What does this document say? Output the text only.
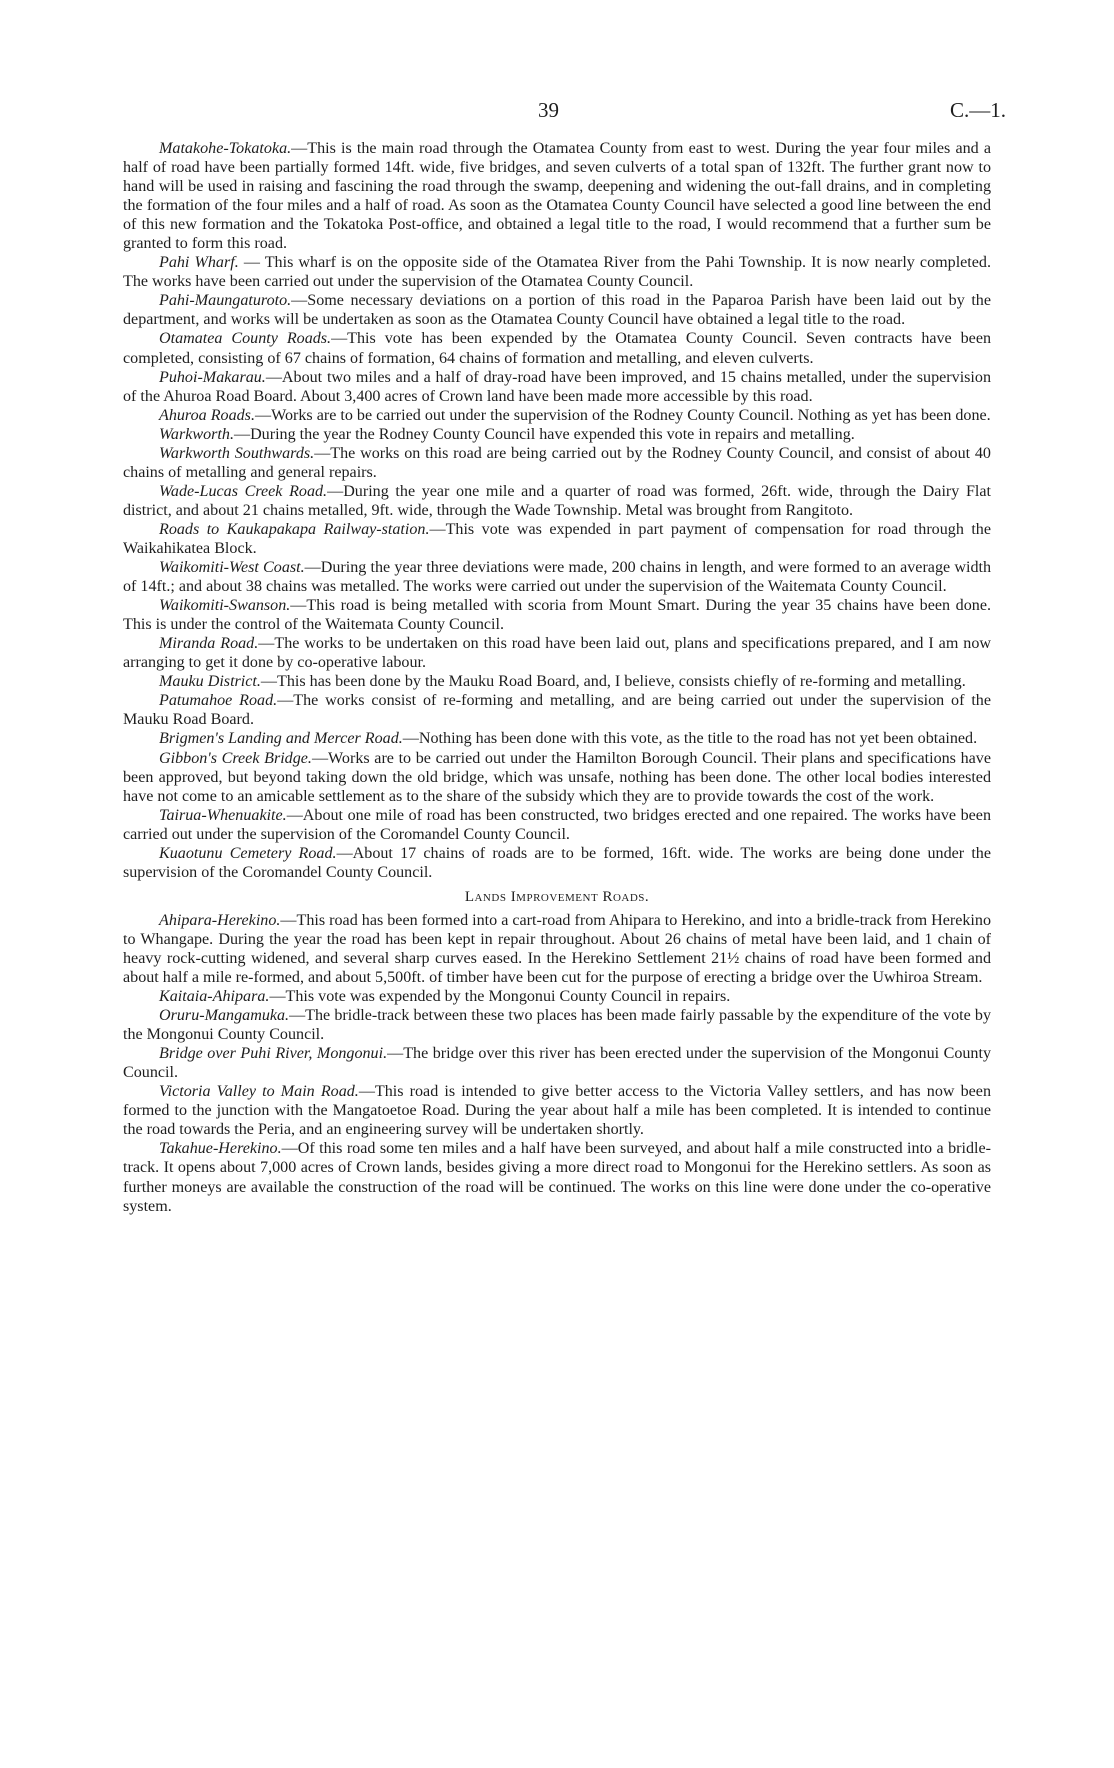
39	C.—1.

Matakohe-Tokatoka.—This is the main road through the Otamatea County from east to west. During the year four miles and a half of road have been partially formed 14ft. wide, five bridges, and seven culverts of a total span of 132ft. The further grant now to hand will be used in raising and fascining the road through the swamp, deepening and widening the out-fall drains, and in completing the formation of the four miles and a half of road. As soon as the Otamatea County Council have selected a good line between the end of this new formation and the Tokatoka Post-office, and obtained a legal title to the road, I would recommend that a further sum be granted to form this road.

Pahi Wharf. — This wharf is on the opposite side of the Otamatea River from the Pahi Township. It is now nearly completed. The works have been carried out under the supervision of the Otamatea County Council.

Pahi-Maungaturoto.—Some necessary deviations on a portion of this road in the Paparoa Parish have been laid out by the department, and works will be undertaken as soon as the Otamatea County Council have obtained a legal title to the road.

Otamatea County Roads.—This vote has been expended by the Otamatea County Council. Seven contracts have been completed, consisting of 67 chains of formation, 64 chains of formation and metalling, and eleven culverts.

Puhoi-Makarau.—About two miles and a half of dray-road have been improved, and 15 chains metalled, under the supervision of the Ahuroa Road Board. About 3,400 acres of Crown land have been made more accessible by this road.

Ahuroa Roads.—Works are to be carried out under the supervision of the Rodney County Council. Nothing as yet has been done.

Warkworth.—During the year the Rodney County Council have expended this vote in repairs and metalling.

Warkworth Southwards.—The works on this road are being carried out by the Rodney County Council, and consist of about 40 chains of metalling and general repairs.

Wade-Lucas Creek Road.—During the year one mile and a quarter of road was formed, 26ft. wide, through the Dairy Flat district, and about 21 chains metalled, 9ft. wide, through the Wade Township. Metal was brought from Rangitoto.

Roads to Kaukapakapa Railway-station.—This vote was expended in part payment of compensation for road through the Waikahikatea Block.

Waikomiti-West Coast.—During the year three deviations were made, 200 chains in length, and were formed to an average width of 14ft.; and about 38 chains was metalled. The works were carried out under the supervision of the Waitemata County Council.

Waikomiti-Swanson.—This road is being metalled with scoria from Mount Smart. During the year 35 chains have been done. This is under the control of the Waitemata County Council.

Miranda Road.—The works to be undertaken on this road have been laid out, plans and specifications prepared, and I am now arranging to get it done by co-operative labour.

Mauku District.—This has been done by the Mauku Road Board, and, I believe, consists chiefly of re-forming and metalling.

Patumahoe Road.—The works consist of re-forming and metalling, and are being carried out under the supervision of the Mauku Road Board.

Brigmen's Landing and Mercer Road.—Nothing has been done with this vote, as the title to the road has not yet been obtained.

Gibbon's Creek Bridge.—Works are to be carried out under the Hamilton Borough Council. Their plans and specifications have been approved, but beyond taking down the old bridge, which was unsafe, nothing has been done. The other local bodies interested have not come to an amicable settlement as to the share of the subsidy which they are to provide towards the cost of the work.

Tairua-Whenuakite.—About one mile of road has been constructed, two bridges erected and one repaired. The works have been carried out under the supervision of the Coromandel County Council.

Kuaotunu Cemetery Road.—About 17 chains of roads are to be formed, 16ft. wide. The works are being done under the supervision of the Coromandel County Council.

Lands Improvement Roads.

Ahipara-Herekino.—This road has been formed into a cart-road from Ahipara to Herekino, and into a bridle-track from Herekino to Whangape. During the year the road has been kept in repair throughout. About 26 chains of metal have been laid, and 1 chain of heavy rock-cutting widened, and several sharp curves eased. In the Herekino Settlement 21½ chains of road have been formed and about half a mile re-formed, and about 5,500ft. of timber have been cut for the purpose of erecting a bridge over the Uwhiroa Stream.

Kaitaia-Ahipara.—This vote was expended by the Mongonui County Council in repairs.

Oruru-Mangamuka.—The bridle-track between these two places has been made fairly passable by the expenditure of the vote by the Mongonui County Council.

Bridge over Puhi River, Mongonui.—The bridge over this river has been erected under the supervision of the Mongonui County Council.

Victoria Valley to Main Road.—This road is intended to give better access to the Victoria Valley settlers, and has now been formed to the junction with the Mangatoetoe Road. During the year about half a mile has been completed. It is intended to continue the road towards the Peria, and an engineering survey will be undertaken shortly.

Takahue-Herekino.—Of this road some ten miles and a half have been surveyed, and about half a mile constructed into a bridle-track. It opens about 7,000 acres of Crown lands, besides giving a more direct road to Mongonui for the Herekino settlers. As soon as further moneys are available the construction of the road will be continued. The works on this line were done under the co-operative system.
